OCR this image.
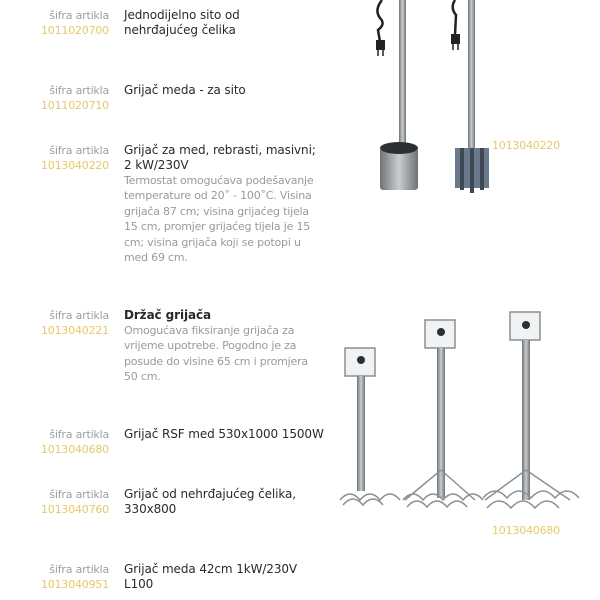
šifra artikla
1011020700
Jednodijelno sito od nehrđajućeg čelika
šifra artikla
1011020710
Grijač meda - za sito
šifra artikla
1013040220
Grijač za med, rebrasti, masivni; 2 kW/230V
Termostat omogućava podešavanje temperature od 20˚ - 100˚C. Visina grijača 87 cm; visina grijaćeg tijela 15 cm, promjer grijaćeg tijela je 15 cm; visina grijača koji se potopi u med 69 cm.
šifra artikla
1013040221
Držač grijača
Omogućava fiksiranje grijača za vrijeme upotrebe. Pogodno je za posude do visine 65 cm i promjera 50 cm.
šifra artikla
1013040680
Grijač RSF med 530x1000 1500W
šifra artikla
1013040760
Grijač od nehrđajućeg čelika, 330x800
šifra artikla
1013040951
Grijač meda 42cm 1kW/230V L100
1013040220
1013040680
